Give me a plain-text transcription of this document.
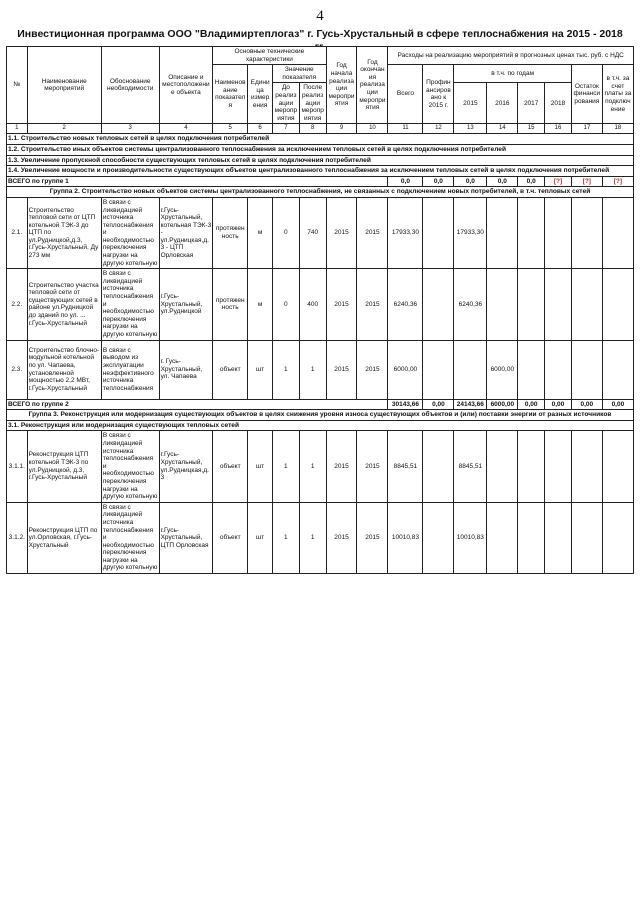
4
Инвестиционная программа ООО "Владимиртеплогаз" г. Гусь-Хрустальный в сфере теплоснабжения на 2015 - 2018
№	Наименование мероприятий	Обоснование необходимости	Описание и местоположение объекта	Основные технические характеристики				Год начала реализации мероприятия	Год окончания реализации мероприятия	Расходы на реализацию мероприятий в прогнозных ценах тыс. руб. с НДС							
				Наименование показателя	Единица измерения	Значение показателя				Всего	Профинансировано к 2015 г.	в т.ч. по годам				Остаток финансирования	в т.ч. за счет платы за подключение
						До реализации мероприятия	После реализации мероприятия					2015	2016	2017	2018		
1	2	3	4	5	6	7	8	9	10	11	12	13	14	15	16	17	18
1.1. Строительство новых тепловых сетей в целях подключения потребителей																	
1.2. Строительство иных объектов системы централизованного теплоснабжения за исключением тепловых сетей в целях подключения потребителей																	
1.3. Увеличение пропускной способности существующих тепловых сетей в целях подключения потребителей																	
1.4. Увеличение мощности и производительности существующих объектов централизованного теплоснабжения за исключением тепловых сетей в целях подключения потребителей																	
ВСЕГО по группе 1										0,0	0,0	0,0	0,0	0,0	[?]	[?]	[?]
Группа 2. Строительство новых объектов системы централизованного теплоснабжения, не связанных с подключением новых потребителей, в т.ч. тепловых сетей																	
2.1.	Строительство тепловой сети от ЦТП котельной ТЭК-3 до ЦТП по ул.Рудницкой,д.3, г.Гусь-Хрустальный, Ду 273 мм	В связи с ликвидацией источника теплоснабжения и необходимостью переключения нагрузки на другую котельную	г.Гусь-Хрустальный, котельная ТЭК-3 - ул.Рудницкая,д.3 - ЦТП Орловская	протяженность	м	0	740	2015	2015	17933,30		17933,30					
2.2.	Строительство участка тепловой сети от существующих сетей в районе ул.Рудницкой до зданий по ул. ... г.Гусь-Хрустальный	В связи с ликвидацией источника теплоснабжения и необходимостью переключения нагрузки на другую котельную	г.Гусь-Хрустальный, ул.Рудницкой	протяженность	м	0	400	2015	2015	6240,36		6240,36					
2.3.	Строительство блочно-модульной котельной по ул. Чапаева, установленной мощностью 2,2 МВт, г.Гусь-Хрустальный	В связи с выводом из эксплуатации неэффективного источника теплоснабжения	г. Гусь-Хрустальный, ул. Чапаева	объект	шт	1	1	2015	2015	6000,00			6000,00				
ВСЕГО по группе 2										30143,66	0,00	24143,66	6000,00	0,00	0,00	0,00	0,00
Группа 3. Реконструкция или модернизация существующих объектов в целях снижения уровня износа существующих объектов и (или) поставки энергии от разных источников																	
3.1. Реконструкция или модернизация существующих тепловых сетей																	
3.1.1.	Реконструкция ЦТП котельной ТЭК-3 по ул.Рудницкой, д.3, г.Гусь-Хрустальный	В связи с ликвидацией источника теплоснабжения и необходимостью переключения нагрузки на другую котельную	г.Гусь-Хрустальный, ул.Рудницкая,д.3	объект	шт	1	1	2015	2015	8845,51		8845,51					
3.1.2.	Реконструкция ЦТП по ул.Орловская, г.Гусь-Хрустальный	В связи с ликвидацией источника теплоснабжения и необходимостью переключения нагрузки на другую котельную	г.Гусь-Хрустальный, ЦТП Орловская	объект	шт	1	1	2015	2015	10010,83		10010,83					
